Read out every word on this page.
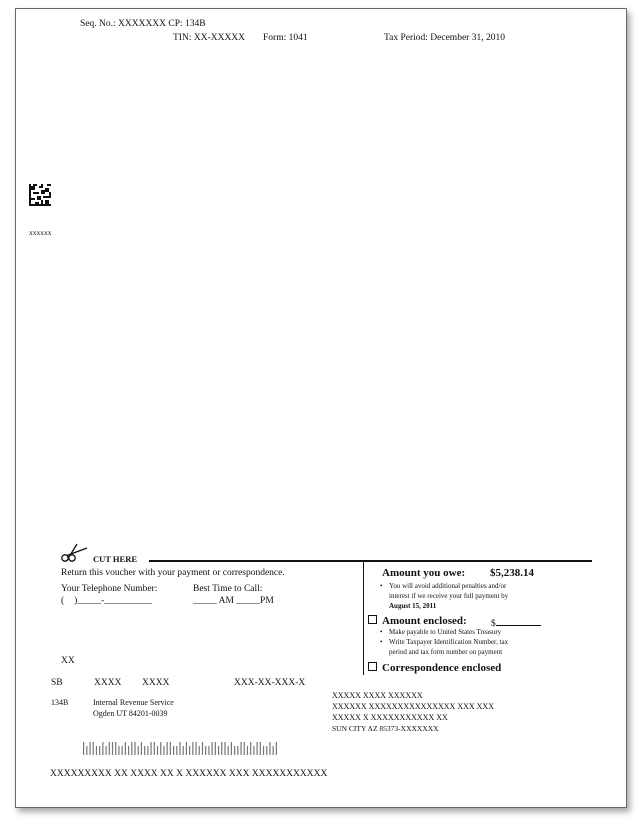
Seq. No.: XXXXXXX CP: 134B
TIN: XX-XXXXX Form: 1041	Tax Period: December 31, 2010
xxxxxx
CUT HERE
Return this voucher with your payment or correspondence.
Your Telephone Number:
( )_____-__________
Best Time to Call:
_____ AM _____PM
Amount you owe: $5,238.14
• You will avoid additional penalties and/or
interest if we receive your full payment by
August 15, 2011
Amount enclosed:	$
• Make payable to United States Treasury
• Write Taxpayer Identification Number, tax
period and tax form number on payment
Correspondence enclosed
XX
SB	XXXX XXXX	XXX-XX-XXX-X
134B	Internal Revenue Service
Ogden UT 84201-0039
XXXXX XXXX XXXXXX
XXXXXX XXXXXXXXXXXXXXX XXX XXX
XXXXX X XXXXXXXXXXX XX
SUN CITY AZ 85373-XXXXXXX
XXXXXXXXX XX XXXX XX X XXXXXX XXX XXXXXXXXXXX
